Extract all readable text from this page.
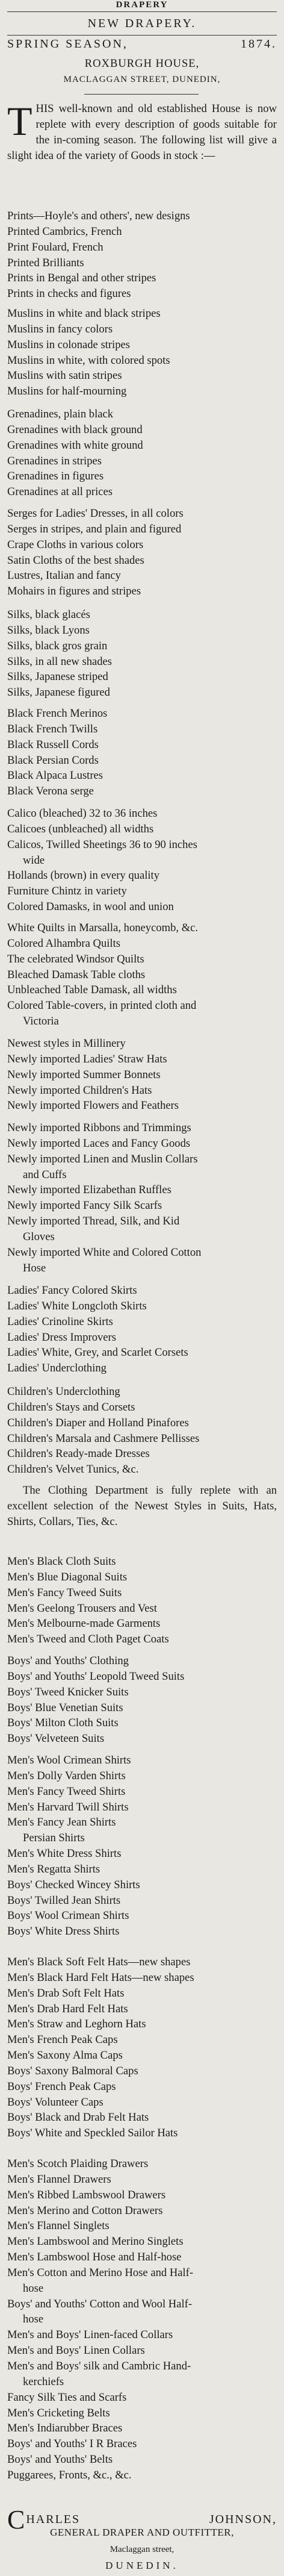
DRAPERY
NEW DRAPERY.
SPRING SEASON,	1874.
ROXBURGH HOUSE,
MACLAGGAN STREET, DUNEDIN,
THIS well-known and old established House is now replete with every description of goods suitable for the in-coming season. The following list will give a slight idea of the variety of Goods in stock :—
Prints—Hoyle's and others', new designs
Printed Cambrics, French
Print Foulard, French
Printed Brilliants
Prints in Bengal and other stripes
Prints in checks and figures
Muslins in white and black stripes
Muslins in fancy colors
Muslins in colonade stripes
Muslins in white, with colored spots
Muslins with satin stripes
Muslins for half-mourning
Grenadines, plain black
Grenadines with black ground
Grenadines with white ground
Grenadines in stripes
Grenadines in figures
Grenadines at all prices
Serges for Ladies' Dresses, in all colors
Serges in stripes, and plain and figured
Crape Cloths in various colors
Satin Cloths of the best shades
Lustres, Italian and fancy
Mohairs in figures and stripes
Silks, black glacés
Silks, black Lyons
Silks, black gros grain
Silks, in all new shades
Silks, Japanese striped
Silks, Japanese figured
Black French Merinos
Black French Twills
Black Russell Cords
Black Persian Cords
Black Alpaca Lustres
Black Verona serge
Calico (bleached) 32 to 36 inches
Calicoes (unbleached) all widths
Calicos, Twilled Sheetings 36 to 90 inches
wide
Hollands (brown) in every quality
Furniture Chintz in variety
Colored Damasks, in wool and union
White Quilts in Marsalla, honeycomb, &c.
Colored Alhambra Quilts
The celebrated Windsor Quilts
Bleached Damask Table cloths
Unbleached Table Damask, all widths
Colored Table-covers, in printed cloth and
Victoria
Newest styles in Millinery
Newly imported Ladies' Straw Hats
Newly imported Summer Bonnets
Newly imported Children's Hats
Newly imported Flowers and Feathers
Newly imported Ribbons and Trimmings
Newly imported Laces and Fancy Goods
Newly imported Linen and Muslin Collars
and Cuffs
Newly imported Elizabethan Ruffles
Newly imported Fancy Silk Scarfs
Newly imported Thread, Silk, and Kid
Gloves
Newly imported White and Colored Cotton
Hose
Ladies' Fancy Colored Skirts
Ladies' White Longcloth Skirts
Ladies' Crinoline Skirts
Ladies' Dress Improvers
Ladies' White, Grey, and Scarlet Corsets
Ladies' Underclothing
Children's Underclothing
Children's Stays and Corsets
Children's Diaper and Holland Pinafores
Children's Marsala and Cashmere Pellisses
Children's Ready-made Dresses
Children's Velvet Tunics, &c.
The Clothing Department is fully replete with an excellent selection of the Newest Styles in Suits, Hats, Shirts, Collars, Ties, &c.
Men's Black Cloth Suits
Men's Blue Diagonal Suits
Men's Fancy Tweed Suits
Men's Geelong Trousers and Vest
Men's Melbourne-made Garments
Men's Tweed and Cloth Paget Coats
Boys' and Youths' Clothing
Boys' and Youths' Leopold Tweed Suits
Boys' Tweed Knicker Suits
Boys' Blue Venetian Suits
Boys' Milton Cloth Suits
Boys' Velveteen Suits
Men's Wool Crimean Shirts
Men's Dolly Varden Shirts
Men's Fancy Tweed Shirts
Men's Harvard Twill Shirts
Men's Fancy Jean Shirts
Persian Shirts
Men's White Dress Shirts
Men's Regatta Shirts
Boys' Checked Wincey Shirts
Boys' Twilled Jean Shirts
Boys' Wool Crimean Shirts
Boys' White Dress Shirts
Men's Black Soft Felt Hats—new shapes
Men's Black Hard Felt Hats—new shapes
Men's Drab Soft Felt Hats
Men's Drab Hard Felt Hats
Men's Straw and Leghorn Hats
Men's French Peak Caps
Men's Saxony Alma Caps
Boys' Saxony Balmoral Caps
Boys' French Peak Caps
Boys' Volunteer Caps
Boys' Black and Drab Felt Hats
Boys' White and Speckled Sailor Hats
Men's Scotch Plaiding Drawers
Men's Flannel Drawers
Men's Ribbed Lambswool Drawers
Men's Merino and Cotton Drawers
Men's Flannel Singlets
Men's Lambswool and Merino Singlets
Men's Lambswool Hose and Half-hose
Men's Cotton and Merino Hose and Half-
hose
Boys' and Youths' Cotton and Wool Half-
hose
Men's and Boys' Linen-faced Collars
Men's and Boys' Linen Collars
Men's and Boys' silk and Cambric Hand-
kerchiefs
Fancy Silk Ties and Scarfs
Men's Cricketing Belts
Men's Indiarubber Braces
Boys' and Youths' I R Braces
Boys' and Youths' Belts
Puggarees, Fronts, &c., &c.
C HARLES JOHNSON,
GENERAL DRAPER AND OUTFITTER,
Maclaggan street,
DUNEDIN.
